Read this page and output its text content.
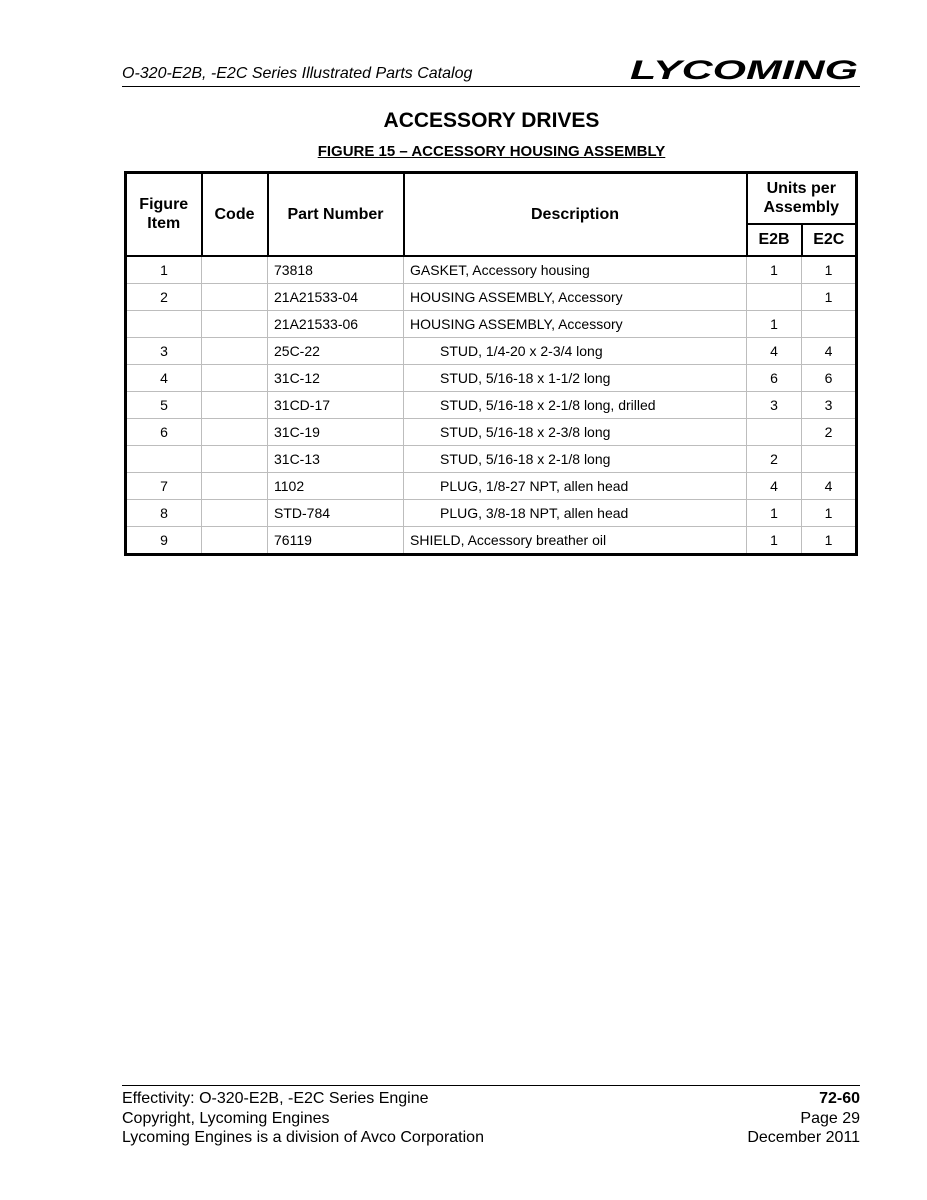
O-320-E2B, -E2C Series Illustrated Parts Catalog	LYCOMING
ACCESSORY DRIVES
FIGURE 15 – ACCESSORY HOUSING ASSEMBLY
Figure
Item	Code	Part Number	Description	Units per
Assembly	
				E2B	E2C
1		73818	GASKET, Accessory housing	1	1
2		21A21533-04	HOUSING ASSEMBLY, Accessory		1
		21A21533-06	HOUSING ASSEMBLY, Accessory	1	
3		25C-22	STUD, 1/4-20 x 2-3/4 long	4	4
4		31C-12	STUD, 5/16-18 x 1-1/2 long	6	6
5		31CD-17	STUD, 5/16-18 x 2-1/8 long, drilled	3	3
6		31C-19	STUD, 5/16-18 x 2-3/8 long		2
		31C-13	STUD, 5/16-18 x 2-1/8 long	2	
7		1102	PLUG, 1/8-27 NPT, allen head	4	4
8		STD-784	PLUG, 3/8-18 NPT, allen head	1	1
9		76119	SHIELD, Accessory breather oil	1	1
Effectivity: O-320-E2B, -E2C Series Engine	72-60
Copyright, Lycoming Engines	Page 29
Lycoming Engines is a division of Avco Corporation	December 2011
